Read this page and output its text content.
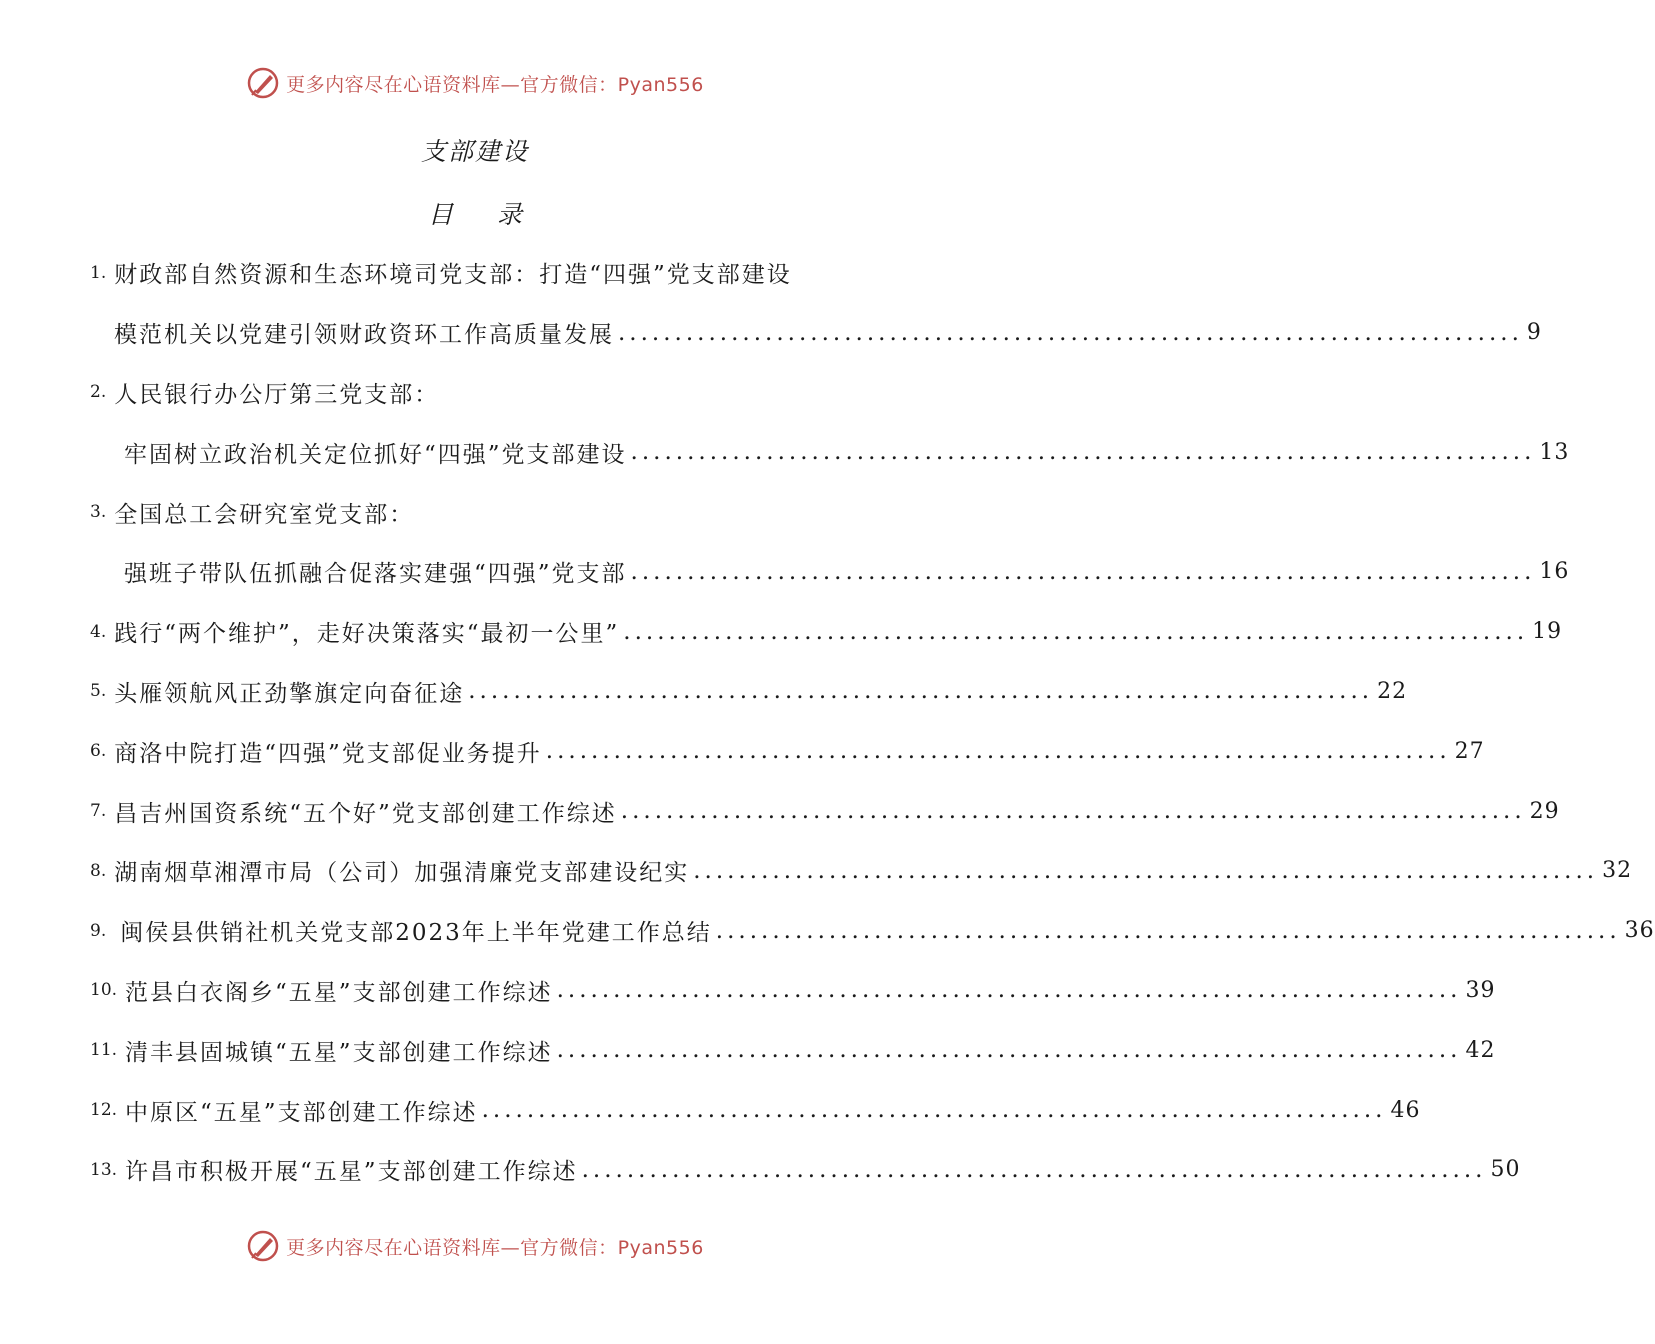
更多内容尽在心语资料库—官方微信：Pyan556
支部建设
目 录
1. 财政部自然资源和生态环境司党支部：打造“四强”党支部建设
模范机关以党建引领财政资环工作高质量发展 ................................................................................ 9
2. 人民银行办公厅第三党支部：
牢固树立政治机关定位抓好“四强”党支部建设 ................................................................................ 13
3. 全国总工会研究室党支部：
强班子带队伍抓融合促落实建强“四强”党支部 ................................................................................ 16
4. 践行“两个维护”，走好决策落实“最初一公里” ................................................................................ 19
5. 头雁领航风正劲擎旗定向奋征途 ................................................................................ 22
6. 商洛中院打造“四强”党支部促业务提升 ................................................................................ 27
7. 昌吉州国资系统“五个好”党支部创建工作综述 ................................................................................ 29
8. 湖南烟草湘潭市局（公司）加强清廉党支部建设纪实 ................................................................................ 32
9. 闽侯县供销社机关党支部2023年上半年党建工作总结 ................................................................................ 36
10. 范县白衣阁乡“五星”支部创建工作综述 ................................................................................ 39
11. 清丰县固城镇“五星”支部创建工作综述 ................................................................................ 42
12. 中原区“五星”支部创建工作综述 ................................................................................ 46
13. 许昌市积极开展“五星”支部创建工作综述 ................................................................................ 50
更多内容尽在心语资料库—官方微信：Pyan556
